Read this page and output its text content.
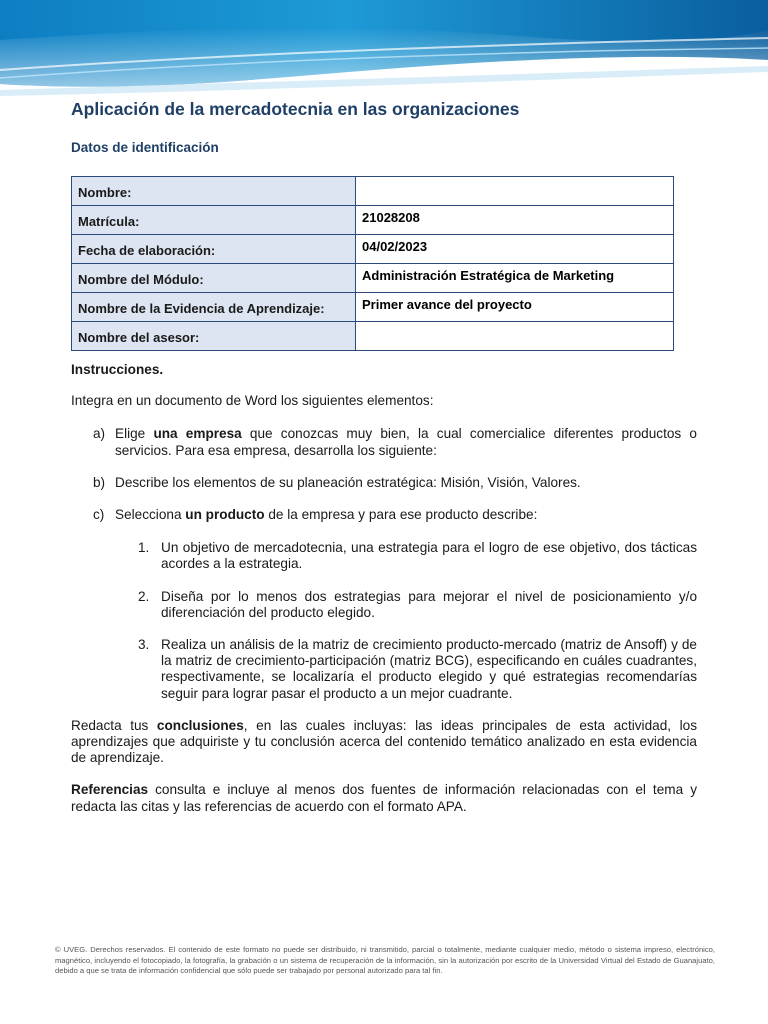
Aplicación de la mercadotecnia en las organizaciones
Datos de identificación
Nombre:	
Matrícula:	21028208
Fecha de elaboración:	04/02/2023
Nombre del Módulo:	Administración Estratégica de Marketing
Nombre de la Evidencia de Aprendizaje:	Primer avance del proyecto
Nombre del asesor:	

Instrucciones.

Integra en un documento de Word los siguientes elementos:

a) Elige una empresa que conozcas muy bien, la cual comercialice diferentes productos o servicios. Para esa empresa, desarrolla los siguiente:
b) Describe los elementos de su planeación estratégica: Misión, Visión, Valores.
c) Selecciona un producto de la empresa y para ese producto describe:
1. Un objetivo de mercadotecnia, una estrategia para el logro de ese objetivo, dos tácticas acordes a la estrategia.
2. Diseña por lo menos dos estrategias para mejorar el nivel de posicionamiento y/o diferenciación del producto elegido.
3. Realiza un análisis de la matriz de crecimiento producto-mercado (matriz de Ansoff) y de la matriz de crecimiento-participación (matriz BCG), especificando en cuáles cuadrantes, respectivamente, se localizaría el producto elegido y qué estrategias recomendarías seguir para lograr pasar el producto a un mejor cuadrante.

Redacta tus conclusiones, en las cuales incluyas: las ideas principales de esta actividad, los aprendizajes que adquiriste y tu conclusión acerca del contenido temático analizado en esta evidencia de aprendizaje.

Referencias consulta e incluye al menos dos fuentes de información relacionadas con el tema y redacta las citas y las referencias de acuerdo con el formato APA.

© UVEG. Derechos reservados. El contenido de este formato no puede ser distribuido, ni transmitido, parcial o totalmente, mediante cualquier medio, método o sistema impreso, electrónico, magnético, incluyendo el fotocopiado, la fotografía, la grabación o un sistema de recuperación de la información, sin la autorización por escrito de la Universidad Virtual del Estado de Guanajuato, debido a que se trata de información confidencial que sólo puede ser trabajado por personal autorizado para tal fin.
